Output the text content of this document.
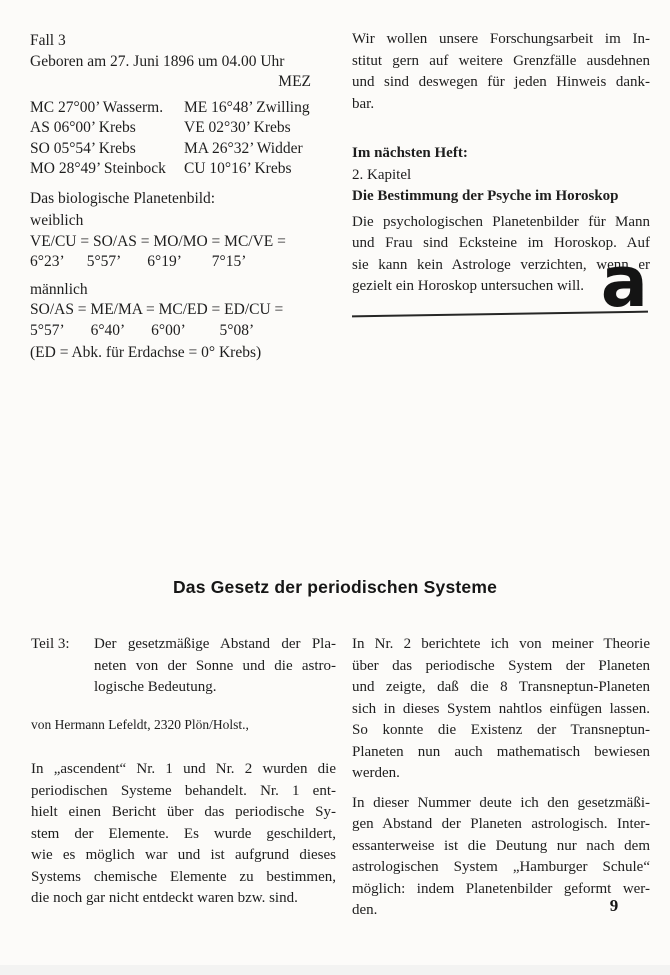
Fall 3
Geboren am 27. Juni 1896 um 04.00 Uhr
MEZ
MC 27°00’ Wasserm.	ME 16°48’ Zwilling
AS 06°00’ Krebs	VE 02°30’ Krebs
SO 05°54’ Krebs	MA 26°32’ Widder
MO 28°49’ Steinbock	CU 10°16’ Krebs
Das biologische Planetenbild:
weiblich
VE/CU = SO/AS = MO/MO = MC/VE =
6°23’      5°57’       6°19’        7°15’
männlich
SO/AS = ME/MA = MC/ED = ED/CU =
5°57’       6°40’       6°00’         5°08’
(ED = Abk. für Erdachse = 0° Krebs)
Wir wollen unsere Forschungsarbeit im In-
stitut gern auf weitere Grenzfälle ausdehnen
und sind deswegen für jeden Hinweis dank-
bar.
Im nächsten Heft:
2. Kapitel
Die Bestimmung der Psyche im Horoskop
Die psychologischen Planetenbilder für Mann
und Frau sind Ecksteine im Horoskop. Auf
sie kann kein Astrologe verzichten, wenn er
gezielt ein Horoskop untersuchen will. a
Das Gesetz der periodischen Systeme
Teil 3:	Der gesetzmäßige Abstand der Pla-
neten von der Sonne und die astro-
logische Bedeutung.
von Hermann Lefeldt, 2320 Plön/Holst.,
In „ascendent“ Nr. 1 und Nr. 2 wurden die
periodischen Systeme behandelt. Nr. 1 ent-
hielt einen Bericht über das periodische Sy-
stem der Elemente. Es wurde geschildert,
wie es möglich war und ist aufgrund dieses
Systems chemische Elemente zu bestimmen,
die noch gar nicht entdeckt waren bzw. sind.
In Nr. 2 berichtete ich von meiner Theorie
über das periodische System der Planeten
und zeigte, daß die 8 Transneptun-Planeten
sich in dieses System nahtlos einfügen lassen.
So konnte die Existenz der Transneptun-
Planeten nun auch mathematisch bewiesen
werden.
In dieser Nummer deute ich den gesetzmäßi-
gen Abstand der Planeten astrologisch. Inter-
essanterweise ist die Deutung nur nach dem
astrologischen System „Hamburger Schule“
möglich: indem Planetenbilder geformt wer-
den.	9
